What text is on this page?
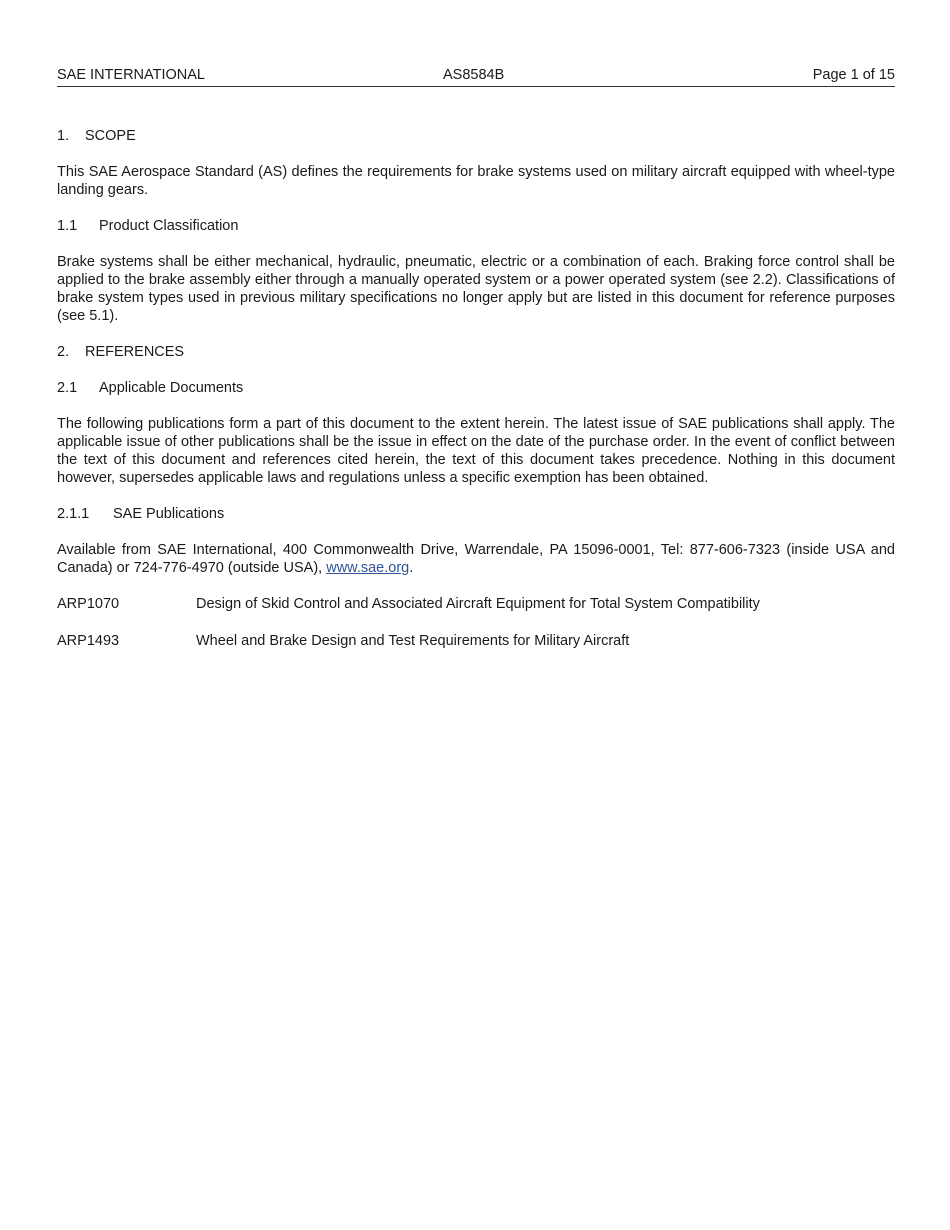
SAE INTERNATIONAL	AS8584B	Page 1 of 15
1. SCOPE

This SAE Aerospace Standard (AS) defines the requirements for brake systems used on military aircraft equipped with wheel-type landing gears.

1.1 Product Classification

Brake systems shall be either mechanical, hydraulic, pneumatic, electric or a combination of each. Braking force control shall be applied to the brake assembly either through a manually operated system or a power operated system (see 2.2). Classifications of brake system types used in previous military specifications no longer apply but are listed in this document for reference purposes (see 5.1).

2. REFERENCES
2.1 Applicable Documents

The following publications form a part of this document to the extent herein. The latest issue of SAE publications shall apply. The applicable issue of other publications shall be the issue in effect on the date of the purchase order. In the event of conflict between the text of this document and references cited herein, the text of this document takes precedence. Nothing in this document however, supersedes applicable laws and regulations unless a specific exemption has been obtained.

2.1.1 SAE Publications

Available from SAE International, 400 Commonwealth Drive, Warrendale, PA 15096-0001, Tel: 877-606-7323 (inside USA and Canada) or 724-776-4970 (outside USA), www.sae.org.

ARP1070	Design of Skid Control and Associated Aircraft Equipment for Total System Compatibility
ARP1493	Wheel and Brake Design and Test Requirements for Military Aircraft
